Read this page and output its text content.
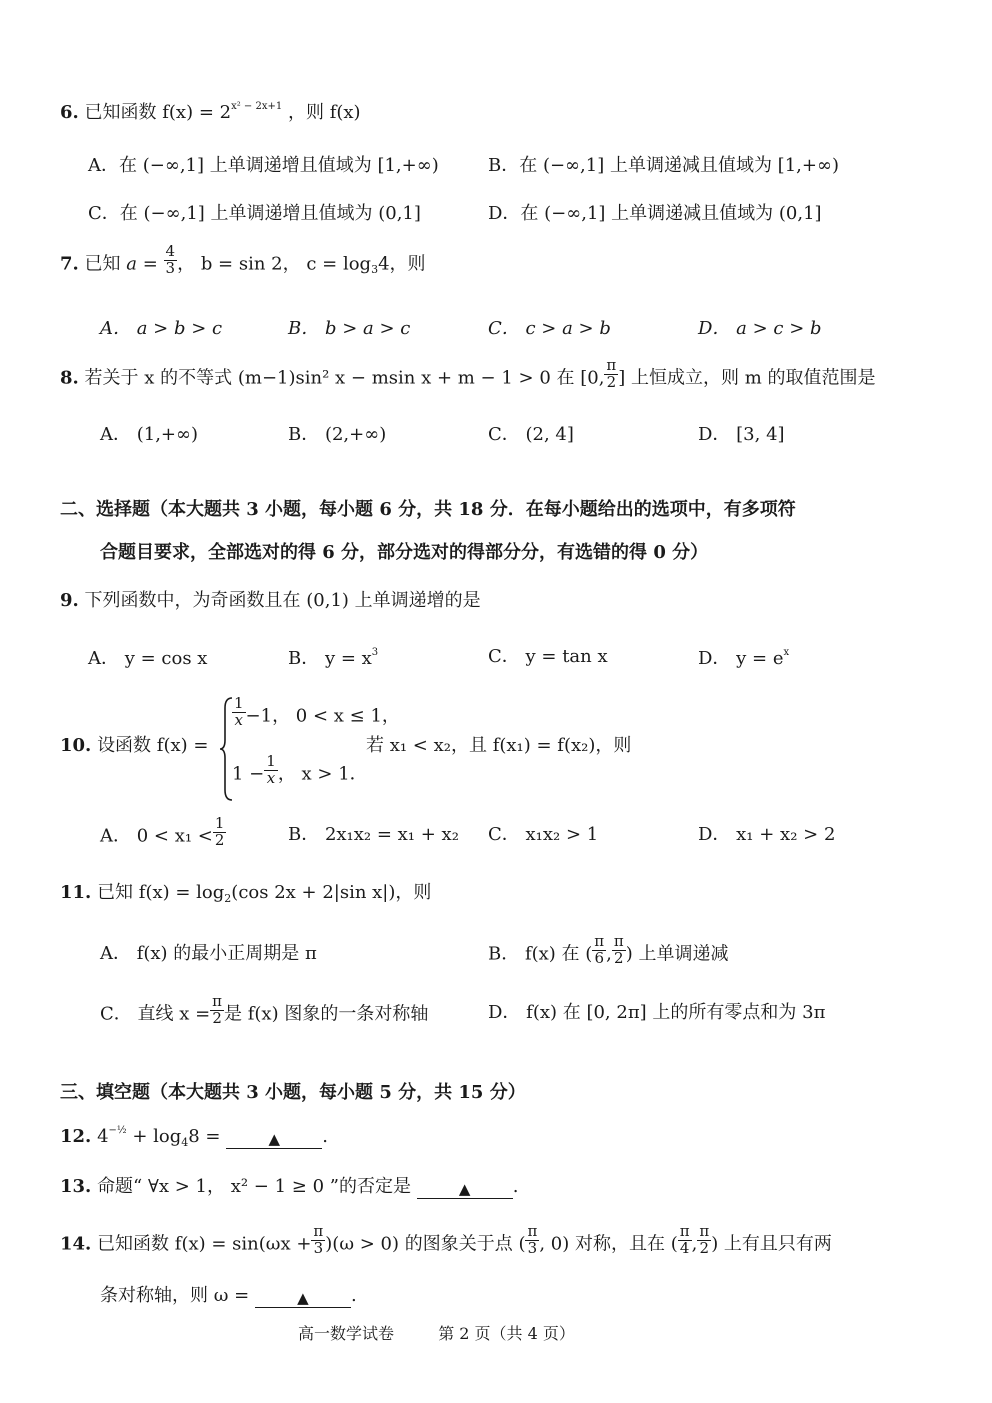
6. 已知函数 $f(x) = 2^{x^2 - 2x+1}$ ，则 f(x)
A．在 (−∞,1] 上单调递增且值域为 [1,+∞)	B．在 (−∞,1] 上单调递减且值域为 [1,+∞)
C．在 (−∞,1] 上单调递增且值域为 (0,1]	D．在 (−∞,1] 上单调递减且值域为 (0,1]
7. 已知 $a = \frac{4}{3}$ ， b = sin 2， $c = \log_34$，则
A． a > b > c	B． b > a > c	C． c > a > b	D． a > c > b
8. 若关于 x 的不等式 (m−1)sin² x − msin x + m − 1 > 0 在 [0, $\frac{\pi}{2}$ ] 上恒成立，则 m 的取值范围是
A． (1,+∞)	B． (2,+∞)	C． (2, 4]	D． [3, 4]
二、选择题（本大题共 3 小题，每小题 6 分，共 18 分．在每小题给出的选项中，有多项符
合题目要求，全部选对的得 6 分，部分选对的得部分分，有选错的得 0 分）
9. 下列函数中，为奇函数且在 (0,1) 上单调递增的是
A． y = cos x	B． $y = x^3$	C． y = tan x	D． $y = e^x$
10. 设函数 f(x) =
$\frac{1}{x} -1$， 0 < x ≤ 1，
$1 - \frac{1}{x}$ ， x > 1．
若 x₁ < x₂，且 f(x₁) = f(x₂)，则
A． $0 < x_1 < \frac{1}{2}$	B． 2x₁x₂ = x₁ + x₂ C． x₁x₂ > 1	D． x₁ + x₂ > 2
11. 已知 $f(x) = \log_2(\cos$ 2x + 2|sin x|)，则
A． f(x) 的最小正周期是 π	B． f(x) 在 ( $\frac{\pi}{6}$ , $\frac{\pi}{2}$ ) 上单调递减
C． 直线 $x = \frac{\pi}{2}$ 是 f(x) 图象的一条对称轴	D． f(x) 在 [0, 2π] 上的所有零点和为 3π
三、填空题（本大题共 3 小题，每小题 5 分，共 15 分）
12. $4^{-\frac{1}{2}} + \log_48$ =	▲ .
13. 命题“ ∀x > 1， x² − 1 ≥ 0 ”的否定是	▲ .
14. 已知函数 $f(x) = \sin(\omega x + \frac{\pi}{3} )(\omega > 0)$ 的图象关于点 ( $\frac{\pi}{3}$ , 0) 对称，且在 ( $\frac{\pi}{4}$ , $\frac{\pi}{2}$ ) 上有且只有两
条对称轴，则 ω =	▲ .
高一数学试卷	第 2 页（共 4 页）
